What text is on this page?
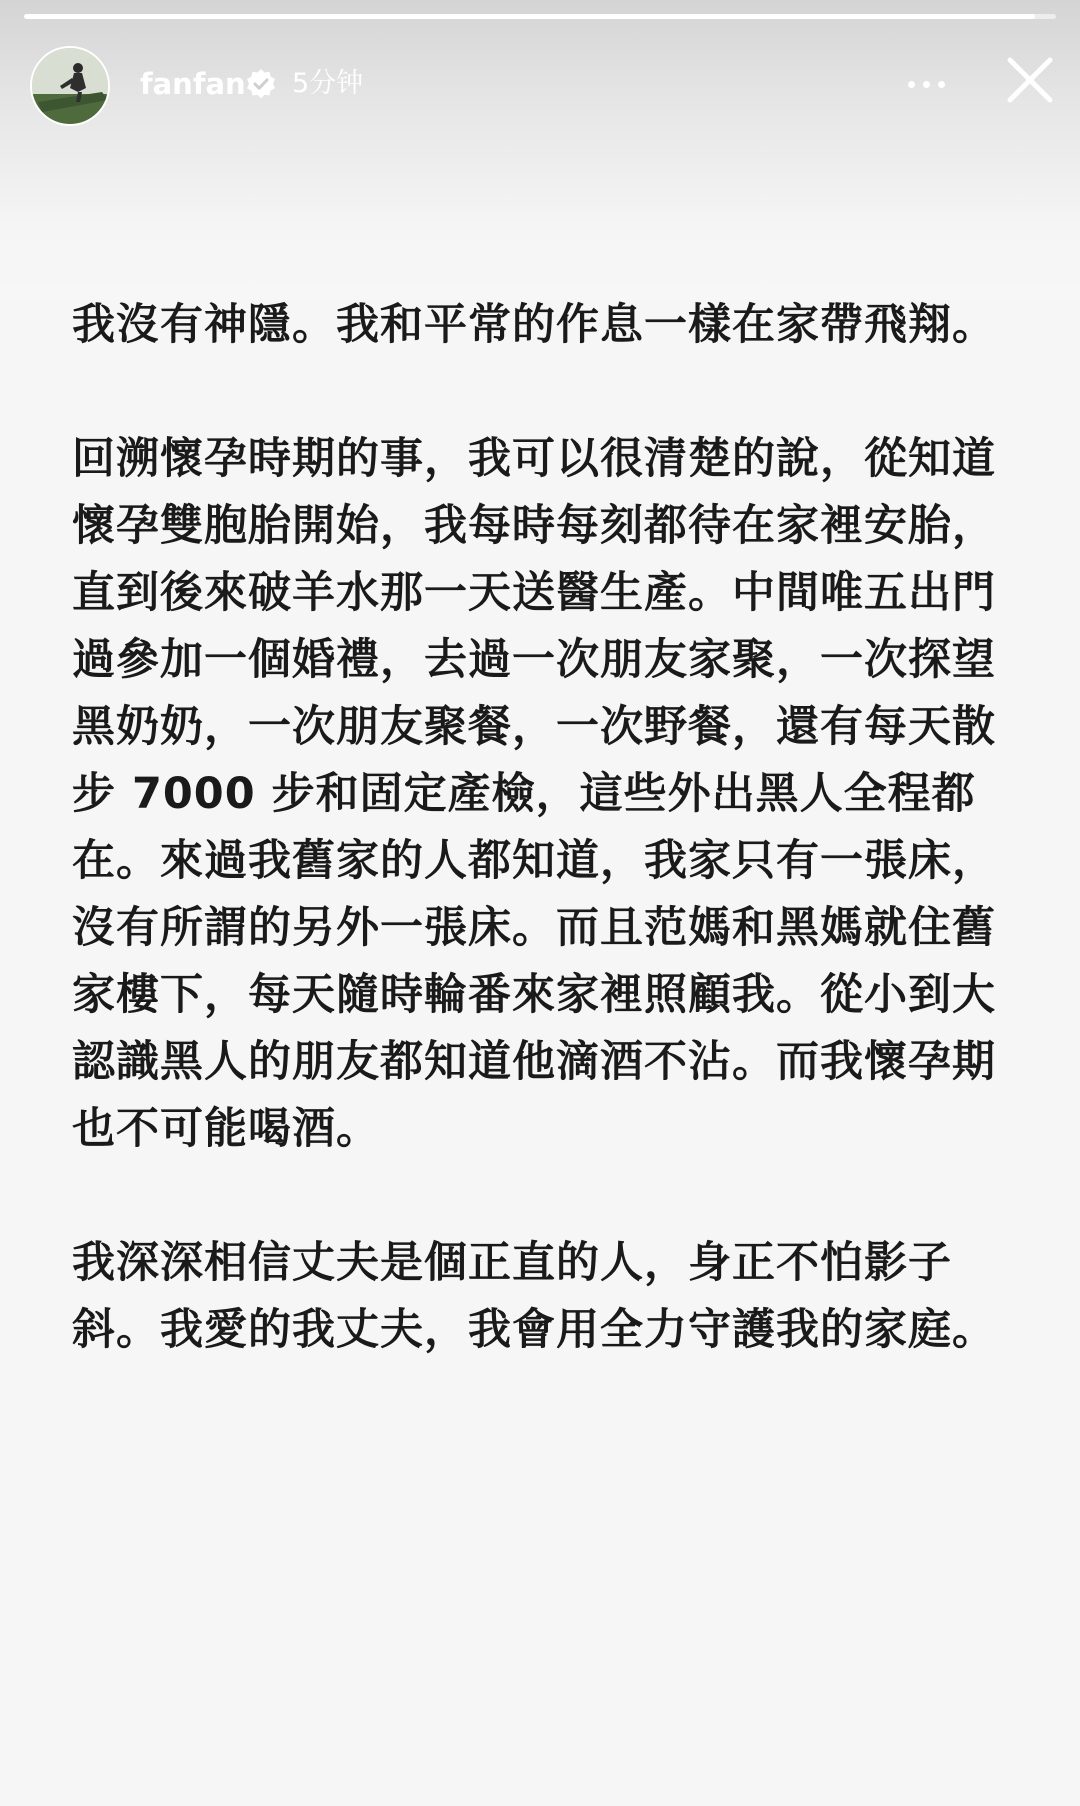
fanfan 5分钟

我沒有神隱。我和平常的作息一樣在家帶飛翔。

回溯懷孕時期的事，我可以很清楚的說，從知道懷孕雙胞胎開始，我每時每刻都待在家裡安胎，直到後來破羊水那一天送醫生產。中間唯五出門過參加一個婚禮，去過一次朋友家聚，一次探望黑奶奶，一次朋友聚餐，一次野餐，還有每天散步 7000 步和固定產檢，這些外出黑人全程都在。來過我舊家的人都知道，我家只有一張床，沒有所謂的另外一張床。而且范媽和黑媽就住舊家樓下，每天隨時輪番來家裡照顧我。從小到大認識黑人的朋友都知道他滴酒不沾。而我懷孕期也不可能喝酒。

我深深相信丈夫是個正直的人，身正不怕影子斜。我愛的我丈夫，我會用全力守護我的家庭。
